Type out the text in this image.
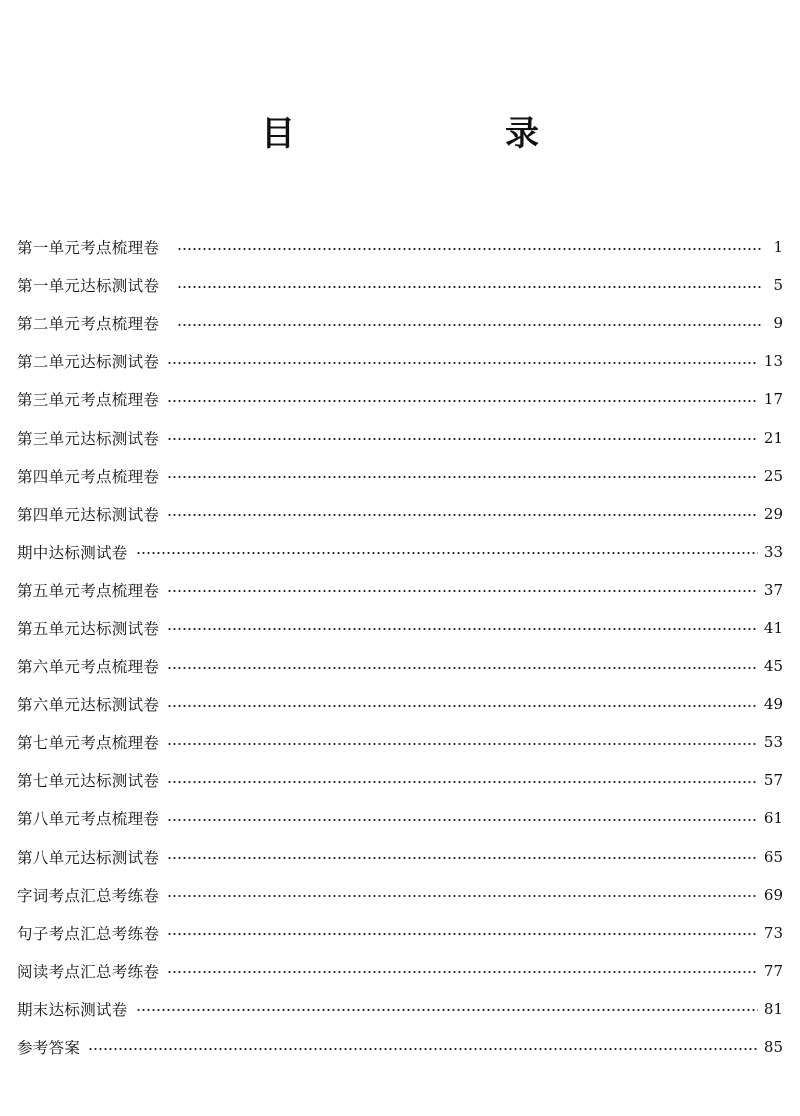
目　录
第一单元考点梳理卷	1
第一单元达标测试卷	5
第二单元考点梳理卷	9
第二单元达标测试卷	13
第三单元考点梳理卷	17
第三单元达标测试卷	21
第四单元考点梳理卷	25
第四单元达标测试卷	29
期中达标测试卷	33
第五单元考点梳理卷	37
第五单元达标测试卷	41
第六单元考点梳理卷	45
第六单元达标测试卷	49
第七单元考点梳理卷	53
第七单元达标测试卷	57
第八单元考点梳理卷	61
第八单元达标测试卷	65
字词考点汇总考练卷	69
句子考点汇总考练卷	73
阅读考点汇总考练卷	77
期末达标测试卷	81
参考答案	85
